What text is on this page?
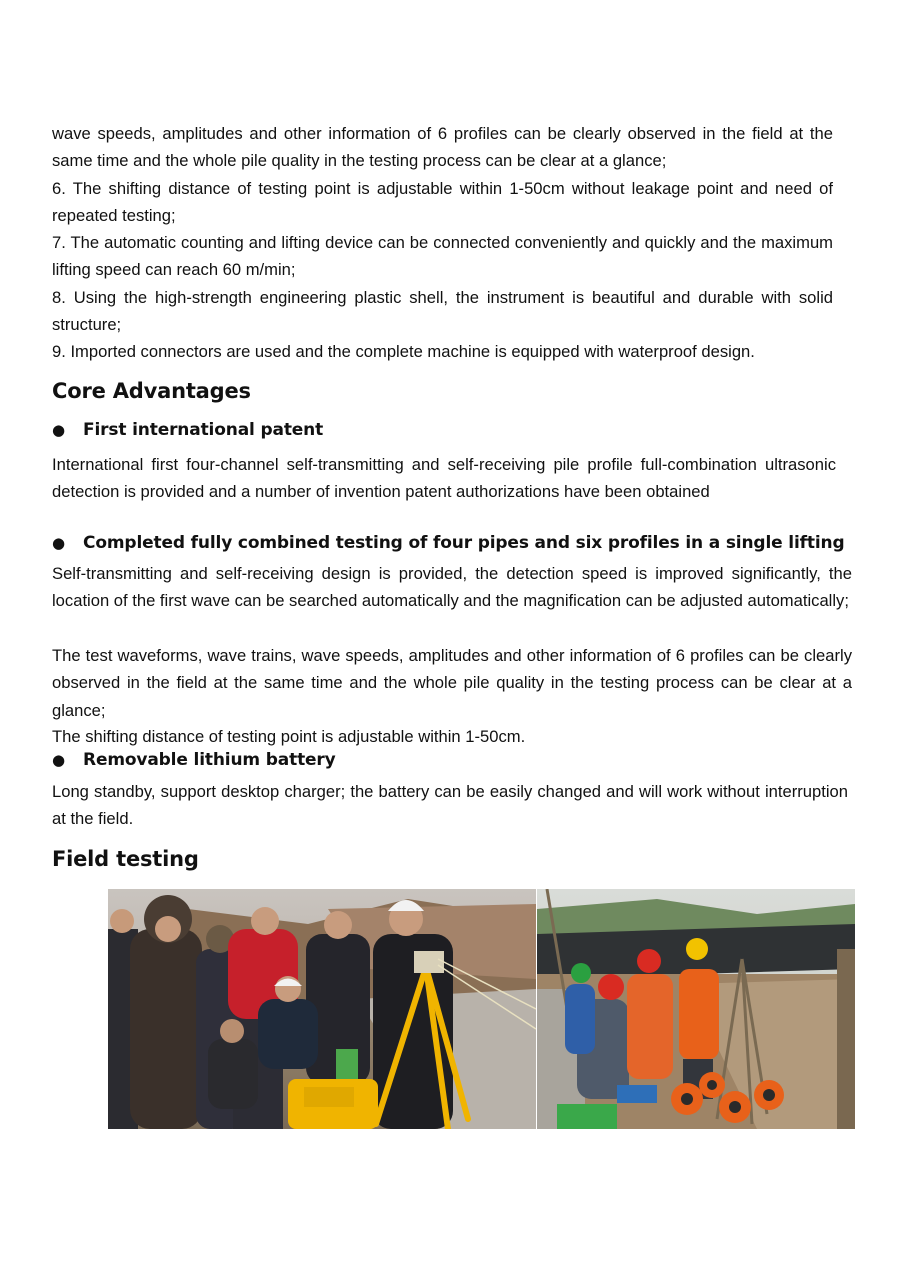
wave speeds, amplitudes and other information of 6 profiles can be clearly observed in the field at the same time and the whole pile quality in the testing process can be clear at a glance;

6. The shifting distance of testing point is adjustable within 1-50cm without leakage point and need of repeated testing;

7. The automatic counting and lifting device can be connected conveniently and quickly and the maximum lifting speed can reach 60 m/min;

8. Using the high-strength engineering plastic shell, the instrument is beautiful and durable with solid structure;

9. Imported connectors are used and the complete machine is equipped with waterproof design.

Core Advantages
● First international patent

International first four-channel self-transmitting and self-receiving pile profile full-combination ultrasonic detection is provided and a number of invention patent authorizations have been obtained

● Completed fully combined testing of four pipes and six profiles in a single lifting

Self-transmitting and self-receiving design is provided, the detection speed is improved significantly, the location of the first wave can be searched automatically and the magnification can be adjusted automatically;

The test waveforms, wave trains, wave speeds, amplitudes and other information of 6 profiles can be clearly observed in the field at the same time and the whole pile quality in the testing process can be clear at a glance;

The shifting distance of testing point is adjustable within 1-50cm.

● Removable lithium battery

Long standby, support desktop charger; the battery can be easily changed and will work without interruption at the field.

Field testing
